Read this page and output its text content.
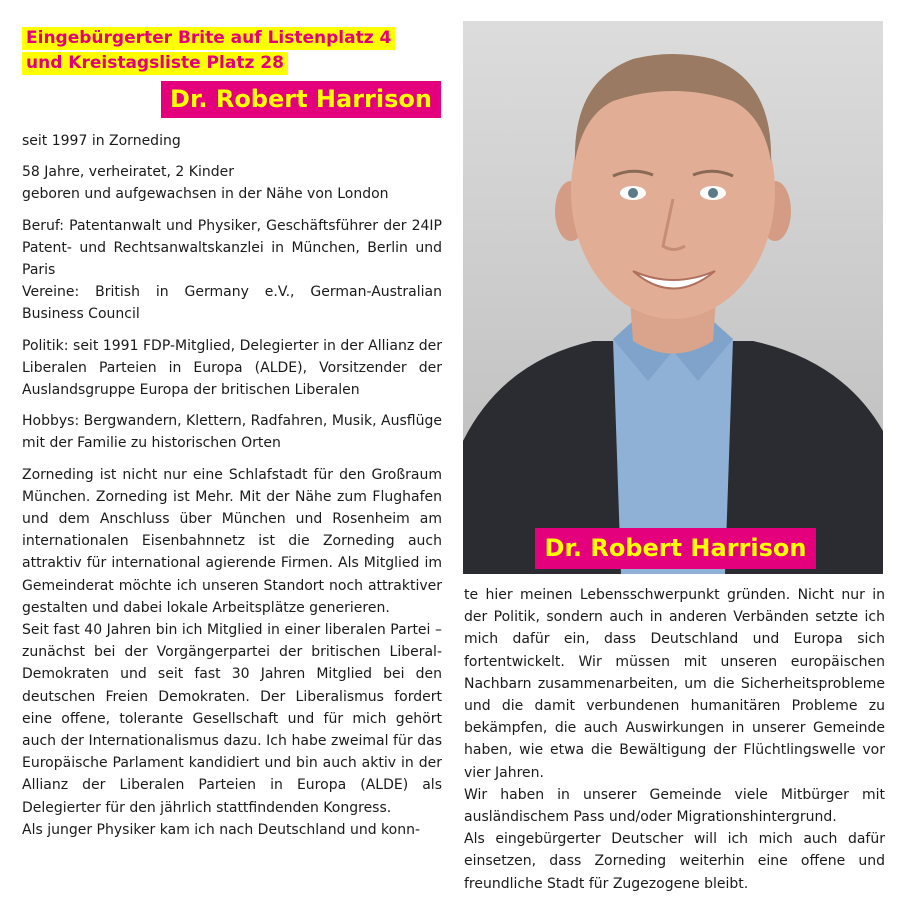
Eingebürgerter Brite auf Listenplatz 4
und Kreistagsliste Platz 28
Dr. Robert Harrison

seit 1997 in Zorneding

58 Jahre, verheiratet, 2 Kinder

geboren und aufgewachsen in der Nähe von London

Beruf: Patentanwalt und Physiker, Geschäftsführer der 24IP Patent- und Rechtsanwaltskanzlei in München, Berlin und Paris

Vereine: British in Germany e.V., German-Australian Business Council

Politik: seit 1991 FDP-Mitglied, Delegierter in der Allianz der Liberalen Parteien in Europa (ALDE), Vorsitzender der Auslandsgruppe Europa der britischen Liberalen

Hobbys: Bergwandern, Klettern, Radfahren, Musik, Ausflüge mit der Familie zu historischen Orten

Zorneding ist nicht nur eine Schlafstadt für den Großraum München. Zorneding ist Mehr. Mit der Nähe zum Flughafen und dem Anschluss über München und Rosenheim am internationalen Eisenbahnnetz ist die Zorneding auch attraktiv für international agierende Firmen. Als Mitglied im Gemeinderat möchte ich unseren Standort noch attraktiver gestalten und dabei lokale Arbeitsplätze generieren.

Seit fast 40 Jahren bin ich Mitglied in einer liberalen Partei – zunächst bei der Vorgängerpartei der britischen Liberal-Demokraten und seit fast 30 Jahren Mitglied bei den deutschen Freien Demokraten. Der Liberalismus fordert eine offene, tolerante Gesellschaft und für mich gehört auch der Internationalismus dazu. Ich habe zweimal für das Europäische Parlament kandidiert und bin auch aktiv in der Allianz der Liberalen Parteien in Europa (ALDE) als Delegierter für den jährlich stattfindenden Kongress.

Als junger Physiker kam ich nach Deutschland und konn-

Dr. Robert Harrison

te hier meinen Lebensschwerpunkt gründen. Nicht nur in der Politik, sondern auch in anderen Verbänden setzte ich mich dafür ein, dass Deutschland und Europa sich fortentwickelt. Wir müssen mit unseren europäischen Nachbarn zusammenarbeiten, um die Sicherheitsprobleme und die damit verbundenen humanitären Probleme zu bekämpfen, die auch Auswirkungen in unserer Gemeinde haben, wie etwa die Bewältigung der Flüchtlingswelle vor vier Jahren.

Wir haben in unserer Gemeinde viele Mitbürger mit ausländischem Pass und/oder Migrationshintergrund.

Als eingebürgerter Deutscher will ich mich auch dafür einsetzen, dass Zorneding weiterhin eine offene und freundliche Stadt für Zugezogene bleibt.
